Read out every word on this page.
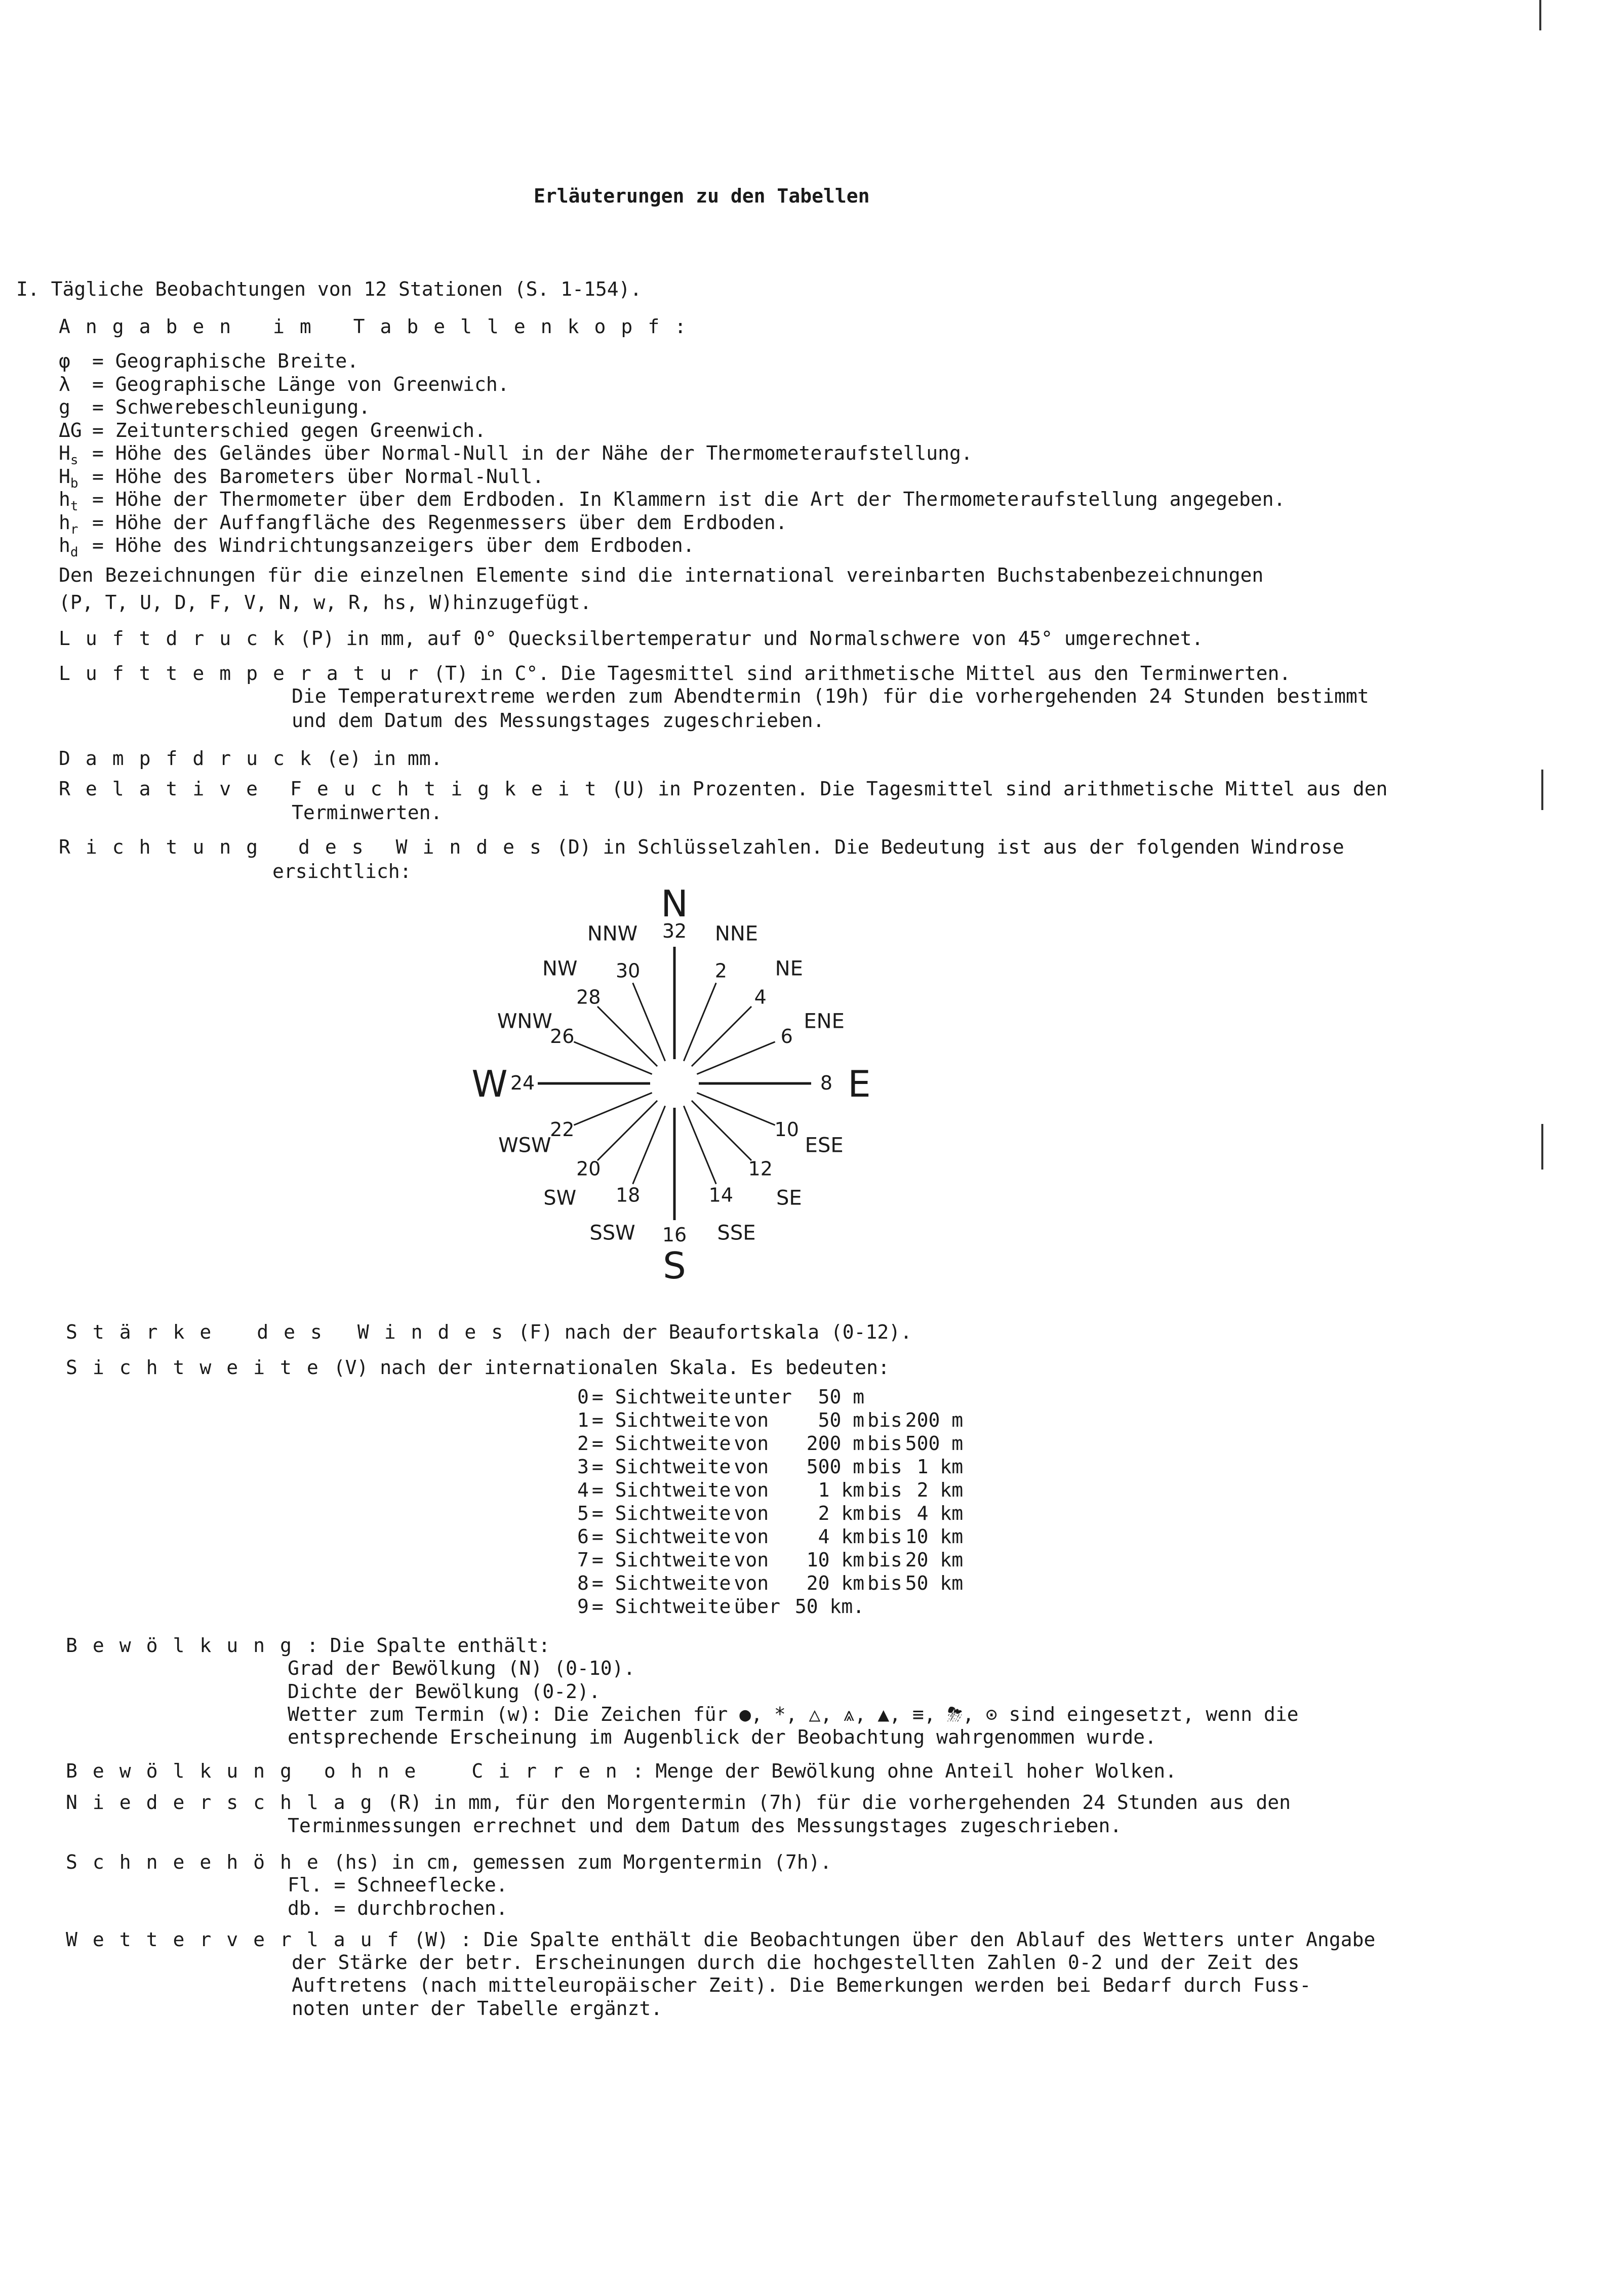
Erläuterungen zu den Tabellen
I. Tägliche Beobachtungen von 12 Stationen (S. 1-154).
Angaben im Tabellenkopf:
φ = Geographische Breite.
λ = Geographische Länge von Greenwich.
g = Schwerebeschleunigung.
ΔG = Zeitunterschied gegen Greenwich.
$H_s$ = Höhe des Geländes über Normal-Null in der Nähe der Thermometeraufstellung.
$H_b$ = Höhe des Barometers über Normal-Null.
$h_t$ = Höhe der Thermometer über dem Erdboden. In Klammern ist die Art der Thermometeraufstellung angegeben.
$h_r$ = Höhe der Auffangfläche des Regenmessers über dem Erdboden.
$h_d$ = Höhe des Windrichtungsanzeigers über dem Erdboden.
Den Bezeichnungen für die einzelnen Elemente sind die international vereinbarten Buchstabenbezeichnungen
(P, T, U, D, F, V, N, w, R, hs, W)hinzugefügt.
Luftdruck(P) in mm, auf 0° Quecksilbertemperatur und Normalschwere von 45° umgerechnet.
Lufttemperatur(T) in C°. Die Tagesmittel sind arithmetische Mittel aus den Terminwerten.
Die Temperaturextreme werden zum Abendtermin (19h) für die vorhergehenden 24 Stunden bestimmt
und dem Datum des Messungstages zugeschrieben.
Dampfdruck(e) in mm.
Relative Feuchtigkeit(U) in Prozenten. Die Tagesmittel sind arithmetische Mittel aus den
Terminwerten.
Richtung des Windes(D) in Schlüsselzahlen. Die Bedeutung ist aus der folgenden Windrose
ersichtlich:
2
NNE
4
NE
6
ENE
8
10
ESE
12
SE
14
SSE
16
18
SSW
20
SW
22
WSW
24
26
WNW
28
NW 30
NNW 32
N
E
S
W
Stärke des Windes(F) nach der Beaufortskala (0-12).
Sichtweite(V) nach der internationalen Skala. Es bedeuten:
0	= Sichtweite	unter	50 m		
1	= Sichtweite	von	50 m	bis	200 m
2	= Sichtweite	von	200 m	bis	500 m
3	= Sichtweite	von	500 m	bis	1 km
4	= Sichtweite	von	1 km	bis	2 km
5	= Sichtweite	von	2 km	bis	4 km
6	= Sichtweite	von	4 km	bis	10 km
7	= Sichtweite	von	10 km	bis	20 km
8	= Sichtweite	von	20 km	bis	50 km
9	= Sichtweite	über	50 km.		
Bewölkung: Die Spalte enthält:
Grad der Bewölkung (N) (0-10).
Dichte der Bewölkung (0-2).
Wetter zum Termin (w): Die Zeichen für ●, *, △, ⩓, ▲, ≡, ⛈, ⊙ sind eingesetzt, wenn die
entsprechende Erscheinung im Augenblick der Beobachtung wahrgenommen wurde.
Bewölkung ohne Cirren: Menge der Bewölkung ohne Anteil hoher Wolken.
Niederschlag(R) in mm, für den Morgentermin (7h) für die vorhergehenden 24 Stunden aus den
Terminmessungen errechnet und dem Datum des Messungstages zugeschrieben.
Schneehöhe(hs) in cm, gemessen zum Morgentermin (7h).
Fl. = Schneeflecke.
db. = durchbrochen.
Wetterverlauf(W) : Die Spalte enthält die Beobachtungen über den Ablauf des Wetters unter Angabe
der Stärke der betr. Erscheinungen durch die hochgestellten Zahlen 0-2 und der Zeit des
Auftretens (nach mitteleuropäischer Zeit). Die Bemerkungen werden bei Bedarf durch Fuss-
noten unter der Tabelle ergänzt.
